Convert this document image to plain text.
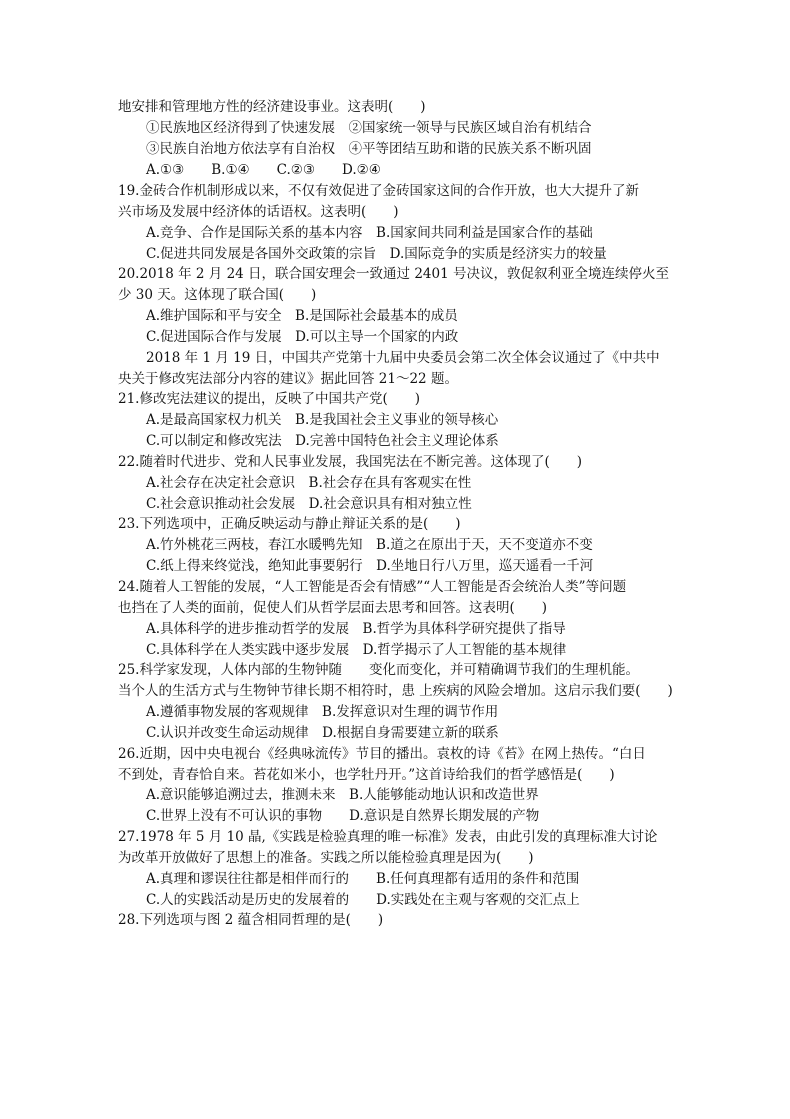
地安排和管理地方性的经济建设事业。这表明(　　)
①民族地区经济得到了快速发展　②国家统一领导与民族区域自治有机结合
③民族自治地方依法享有自治权　④平等团结互助和谐的民族关系不断巩固
A.①③　　B.①④　　C.②③　　D.②④
19.金砖合作机制形成以来，不仅有效促进了金砖国家这间的合作开放，也大大提升了新
兴市场及发展中经济体的话语权。这表明(　　)
A.竞争、合作是国际关系的基本内容　B.国家间共同利益是国家合作的基础
C.促进共同发展是各国外交政策的宗旨　D.国际竞争的实质是经济实力的较量
20.2018 年 2 月 24 日，联合国安理会一致通过 2401 号决议，敦促叙利亚全境连续停火至
少 30 天。这体现了联合国(　　)
A.维护国际和平与安全　B.是国际社会最基本的成员
C.促进国际合作与发展　D.可以主导一个国家的内政
2018 年 1 月 19 日，中国共产党第十九届中央委员会第二次全体会议通过了《中共中
央关于修改宪法部分内容的建议》据此回答 21～22 题。
21.修改宪法建议的提出，反映了中国共产党(　　)
A.是最高国家权力机关　B.是我国社会主义事业的领导核心
C.可以制定和修改宪法　D.完善中国特色社会主义理论体系
22.随着时代进步、党和人民事业发展，我国宪法在不断完善。这体现了(　　)
A.社会存在决定社会意识　B.社会存在具有客观实在性
C.社会意识推动社会发展　D.社会意识具有相对独立性
23.下列选项中，正确反映运动与静止辩证关系的是(　　)
A.竹外桃花三两枝，春江水暖鸭先知　B.道之在原出于天，天不变道亦不变
C.纸上得来终觉浅，绝知此事要躬行　D.坐地日行八万里，巡天遥看一千河
24.随着人工智能的发展，“人工智能是否会有情感”“人工智能是否会统治人类”等问题
也挡在了人类的面前，促使人们从哲学层面去思考和回答。这表明(　　)
A.具体科学的进步推动哲学的发展　B.哲学为具体科学研究提供了指导
C.具体科学在人类实践中逐步发展　D.哲学揭示了人工智能的基本规律
25.科学家发现，人体内部的生物钟随　　变化而变化，并可精确调节我们的生理机能。
当个人的生活方式与生物钟节律长期不相符时，患 上疾病的风险会增加。这启示我们要(　　)
A.遵循事物发展的客观规律　B.发挥意识对生理的调节作用
C.认识并改变生命运动规律　D.根据自身需要建立新的联系
26.近期，因中央电视台《经典咏流传》节目的播出。袁枚的诗《苔》在网上热传。“白日
不到处，青春恰自来。苔花如米小，也学牡丹开。”这首诗给我们的哲学感悟是(　　)
A.意识能够追溯过去，推测未来　B.人能够能动地认识和改造世界
C.世界上没有不可认识的事物　　D.意识是自然界长期发展的产物
27.1978 年 5 月 10 晶,《实践是检验真理的唯一标准》发表，由此引发的真理标准大讨论
为改革开放做好了思想上的准备。实践之所以能检验真理是因为(　　)
A.真理和谬误往往都是相伴而行的　　B.任何真理都有适用的条件和范围
C.人的实践活动是历史的发展着的　　D.实践处在主观与客观的交汇点上
28.下列选项与图 2 蕴含相同哲理的是(　　)
